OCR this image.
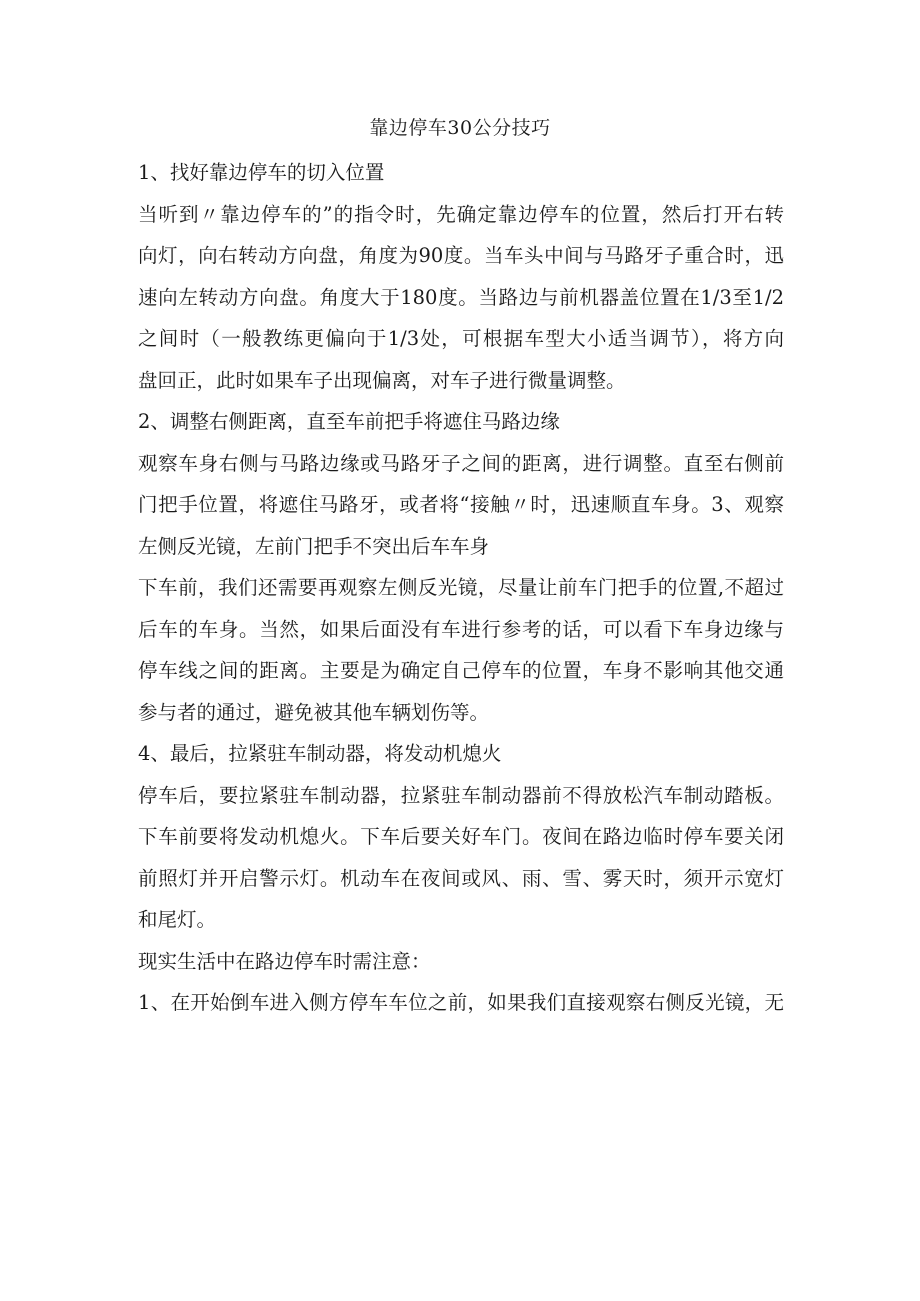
靠边停车30公分技巧
1、找好靠边停车的切入位置
当听到〃靠边停车的”的指令时，先确定靠边停车的位置，然后打开右转
向灯，向右转动方向盘，角度为90度。当车头中间与马路牙子重合时，迅
速向左转动方向盘。角度大于180度。当路边与前机器盖位置在1/3至1/2
之间时（一般教练更偏向于1/3处，可根据车型大小适当调节），将方向
盘回正，此时如果车子出现偏离，对车子进行微量调整。
2、调整右侧距离，直至车前把手将遮住马路边缘
观察车身右侧与马路边缘或马路牙子之间的距离，进行调整。直至右侧前
门把手位置，将遮住马路牙，或者将“接触〃时，迅速顺直车身。3、观察
左侧反光镜，左前门把手不突出后车车身
下车前，我们还需要再观察左侧反光镜，尽量让前车门把手的位置,不超过
后车的车身。当然，如果后面没有车进行参考的话，可以看下车身边缘与
停车线之间的距离。主要是为确定自己停车的位置，车身不影响其他交通
参与者的通过，避免被其他车辆划伤等。
4、最后，拉紧驻车制动器，将发动机熄火
停车后，要拉紧驻车制动器，拉紧驻车制动器前不得放松汽车制动踏板。
下车前要将发动机熄火。下车后要关好车门。夜间在路边临时停车要关闭
前照灯并开启警示灯。机动车在夜间或风、雨、雪、雾天时，须开示宽灯
和尾灯。
现实生活中在路边停车时需注意：
1、在开始倒车进入侧方停车车位之前，如果我们直接观察右侧反光镜，无
